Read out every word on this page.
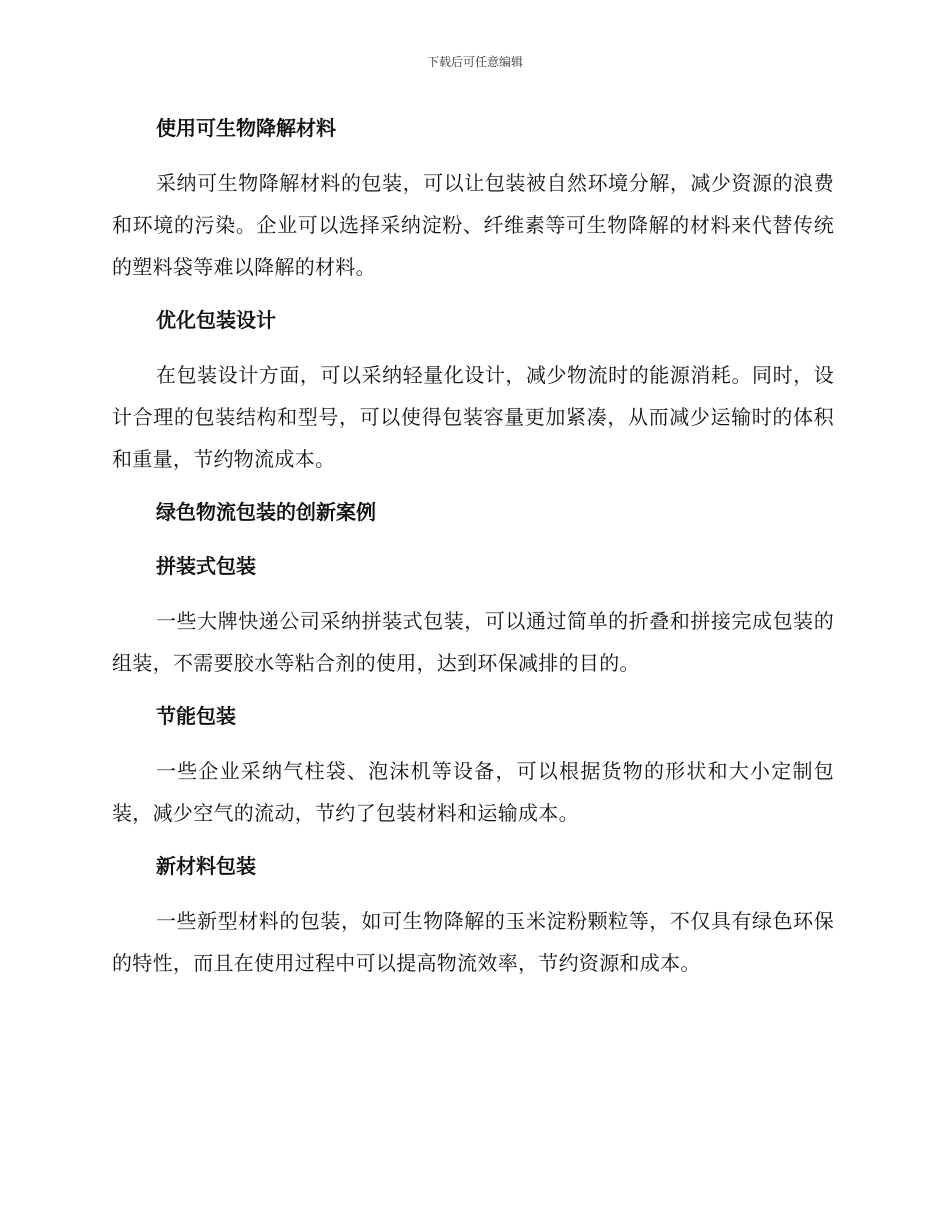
下载后可任意编辑
使用可生物降解材料

采纳可生物降解材料的包装，可以让包装被自然环境分解，减少资源的浪费和环境的污染。企业可以选择采纳淀粉、纤维素等可生物降解的材料来代替传统的塑料袋等难以降解的材料。

优化包装设计

在包装设计方面，可以采纳轻量化设计，减少物流时的能源消耗。同时，设计合理的包装结构和型号，可以使得包装容量更加紧凑，从而减少运输时的体积和重量，节约物流成本。

绿色物流包装的创新案例
拼装式包装

一些大牌快递公司采纳拼装式包装，可以通过简单的折叠和拼接完成包装的组装，不需要胶水等粘合剂的使用，达到环保减排的目的。

节能包装

一些企业采纳气柱袋、泡沫机等设备，可以根据货物的形状和大小定制包装，减少空气的流动，节约了包装材料和运输成本。

新材料包装

一些新型材料的包装，如可生物降解的玉米淀粉颗粒等，不仅具有绿色环保的特性，而且在使用过程中可以提高物流效率，节约资源和成本。
